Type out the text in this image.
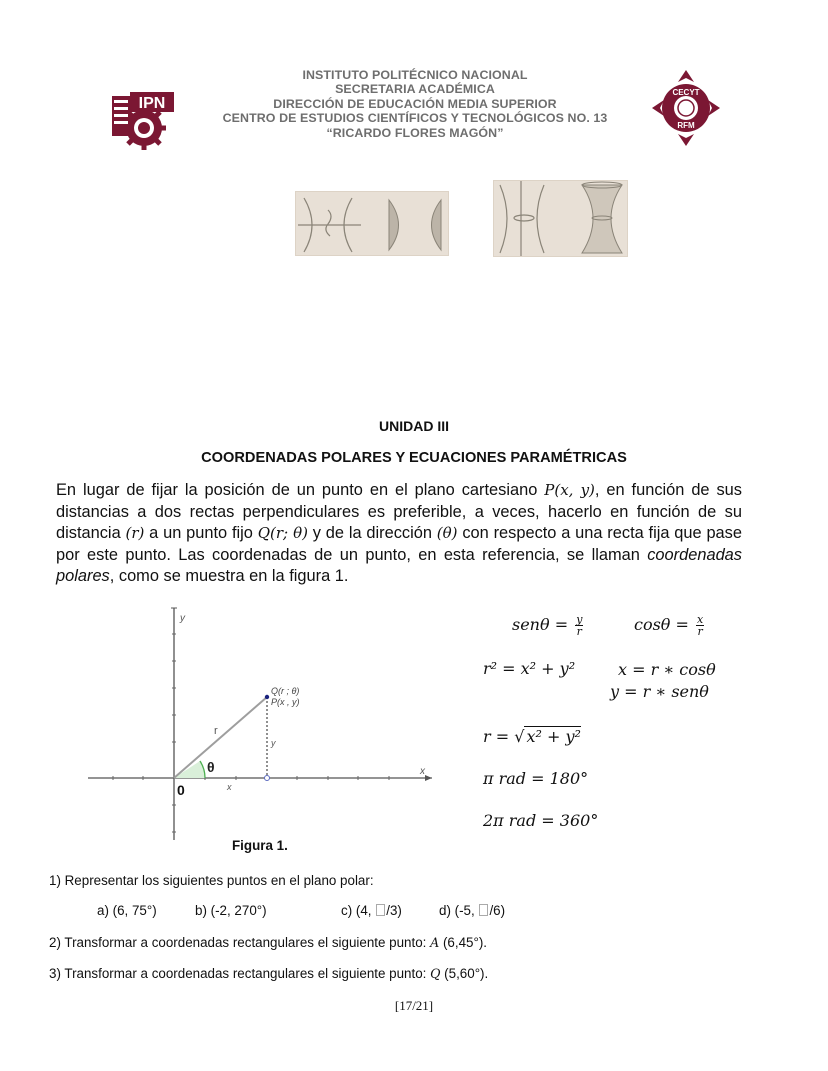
IPN
CECYT
RFM
INSTITUTO POLITÉCNICO NACIONAL
SECRETARIA ACADÉMICA
DIRECCIÓN DE EDUCACIÓN MEDIA SUPERIOR
CENTRO DE ESTUDIOS CIENTÍFICOS Y TECNOLÓGICOS NO. 13
“RICARDO FLORES MAGÓN”
UNIDAD III
COORDENADAS POLARES Y ECUACIONES PARAMÉTRICAS
En lugar de fijar la posición de un punto en el plano cartesiano P(x, y), en función de sus distancias a dos rectas perpendiculares es preferible, a veces, hacerlo en función de su distancia (r) a un punto fijo Q(r; θ) y de la dirección (θ) con respecto a una recta fija que pase por este punto. Las coordenadas de un punto, en esta referencia, se llaman coordenadas polares, como se muestra en la figura 1.
y
x
0
θ
r
y
x
Q(r ; θ)
P(x , y)
Figura 1.
$sen\theta = \frac{y}{r}$	$\cos\theta = \frac{x}{r}$
r² = x² + y²	x = r ∗ cosθ
y = r ∗ senθ
r = √ x² + y²
π rad = 180°
2π rad = 360°
1) Representar los siguientes puntos en el plano polar:
a) (6, 75°)	b) (-2, 270°)	c) (4, /3)	d) (-5, /6)
2) Transformar a coordenadas rectangulares el siguiente punto: A (6,45°).
3) Transformar a coordenadas rectangulares el siguiente punto: Q (5,60°).
[17/21]
